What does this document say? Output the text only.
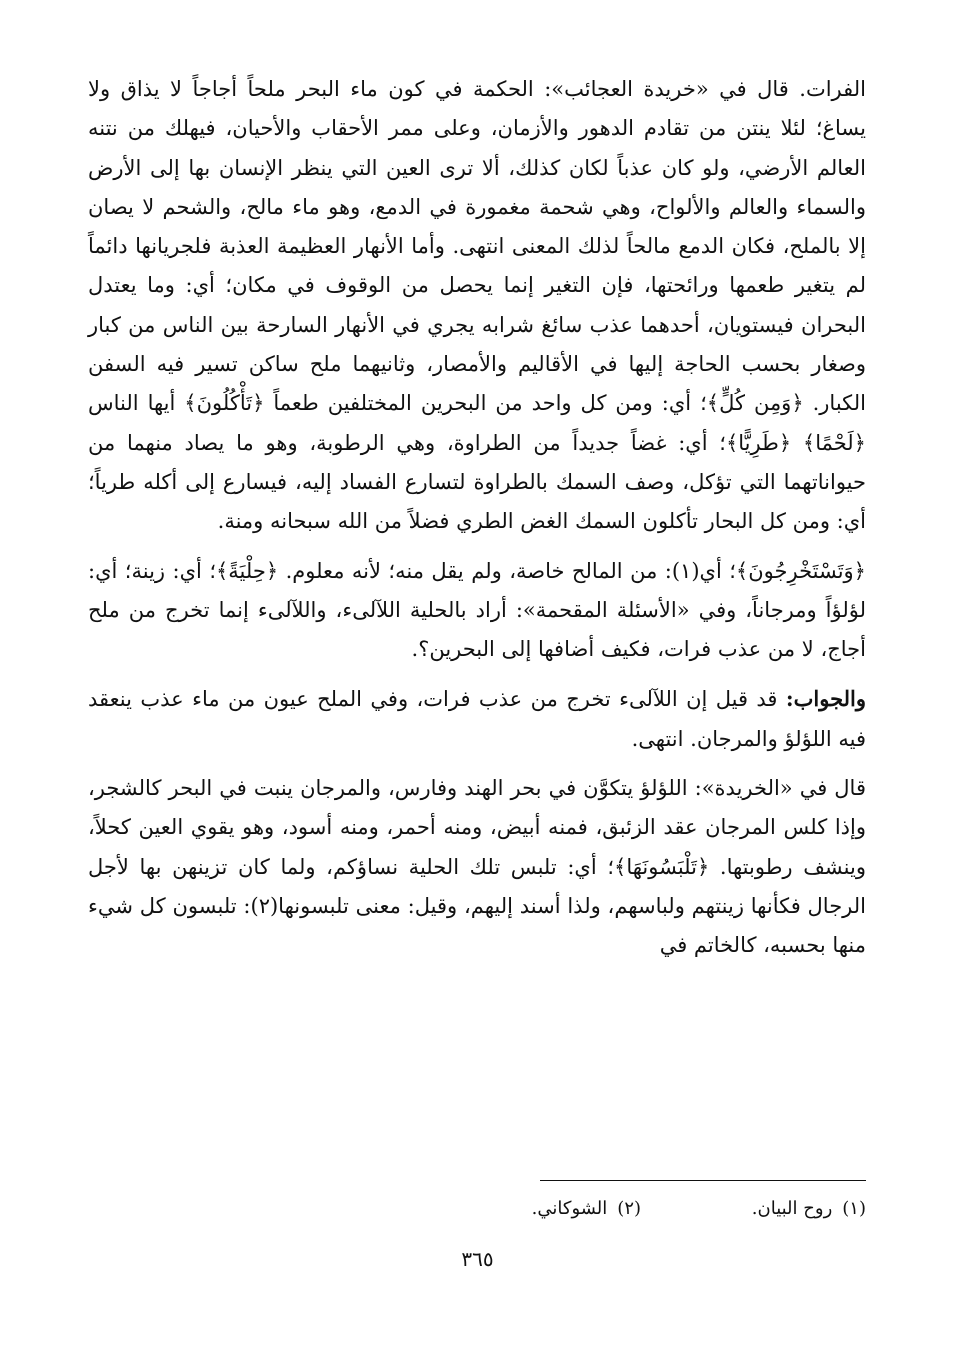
الفرات. قال في «خريدة العجائب»: الحكمة في كون ماء البحر ملحاً أجاجاً لا يذاق ولا يساغ؛ لئلا ينتن من تقادم الدهور والأزمان، وعلى ممر الأحقاب والأحيان، فيهلك من نتنه العالم الأرضي، ولو كان عذباً لكان كذلك، ألا ترى العين التي ينظر الإنسان بها إلى الأرض والسماء والعالم والألواح، وهي شحمة مغمورة في الدمع، وهو ماء مالح، والشحم لا يصان إلا بالملح، فكان الدمع مالحاً لذلك المعنى انتهى. وأما الأنهار العظيمة العذبة فلجريانها دائماً لم يتغير طعمها ورائحتها، فإن التغير إنما يحصل من الوقوف في مكان؛ أي: وما يعتدل البحران فيستويان، أحدهما عذب سائغ شرابه يجري في الأنهار السارحة بين الناس من كبار وصغار بحسب الحاجة إليها في الأقاليم والأمصار، وثانيهما ملح ساكن تسير فيه السفن الكبار. ﴿وَمِن كُلٍّ﴾؛ أي: ومن كل واحد من البحرين المختلفين طعماً ﴿تَأْكُلُونَ﴾ أيها الناس ﴿لَحْمًا﴾ ﴿طَرِيًّا﴾؛ أي: غضاً جديداً من الطراوة، وهي الرطوبة، وهو ما يصاد منهما من حيواناتهما التي تؤكل، وصف السمك بالطراوة لتسارع الفساد إليه، فيسارع إلى أكله طرياً؛ أي: ومن كل البحار تأكلون السمك الغض الطري فضلاً من الله سبحانه ومنة.

﴿وَتَسْتَخْرِجُونَ﴾؛ أي(١): من المالح خاصة، ولم يقل منه؛ لأنه معلوم. ﴿حِلْيَةً﴾؛ أي: زينة؛ أي: لؤلؤاً ومرجاناً، وفي «الأسئلة المقحمة»: أراد بالحلية اللآلىء، واللآلىء إنما تخرج من ملح أجاج، لا من عذب فرات، فكيف أضافها إلى البحرين؟.

والجواب: قد قيل إن اللآلىء تخرج من عذب فرات، وفي الملح عيون من ماء عذب ينعقد فيه اللؤلؤ والمرجان. انتهى.

قال في «الخريدة»: اللؤلؤ يتكوَّن في بحر الهند وفارس، والمرجان ينبت في البحر كالشجر، وإذا كلس المرجان عقد الزئبق، فمنه أبيض، ومنه أحمر، ومنه أسود، وهو يقوي العين كحلاً، وينشف رطوبتها. ﴿تَلْبَسُونَهَا﴾؛ أي: تلبس تلك الحلية نساؤكم، ولما كان تزينهن بها لأجل الرجال فكأنها زينتهم ولباسهم، ولذا أسند إليهم، وقيل: معنى تلبسونها(٢): تلبسون كل شيء منها بحسبه، كالخاتم في

(١)روح البيان. (٢)الشوكاني.
٣٦٥
